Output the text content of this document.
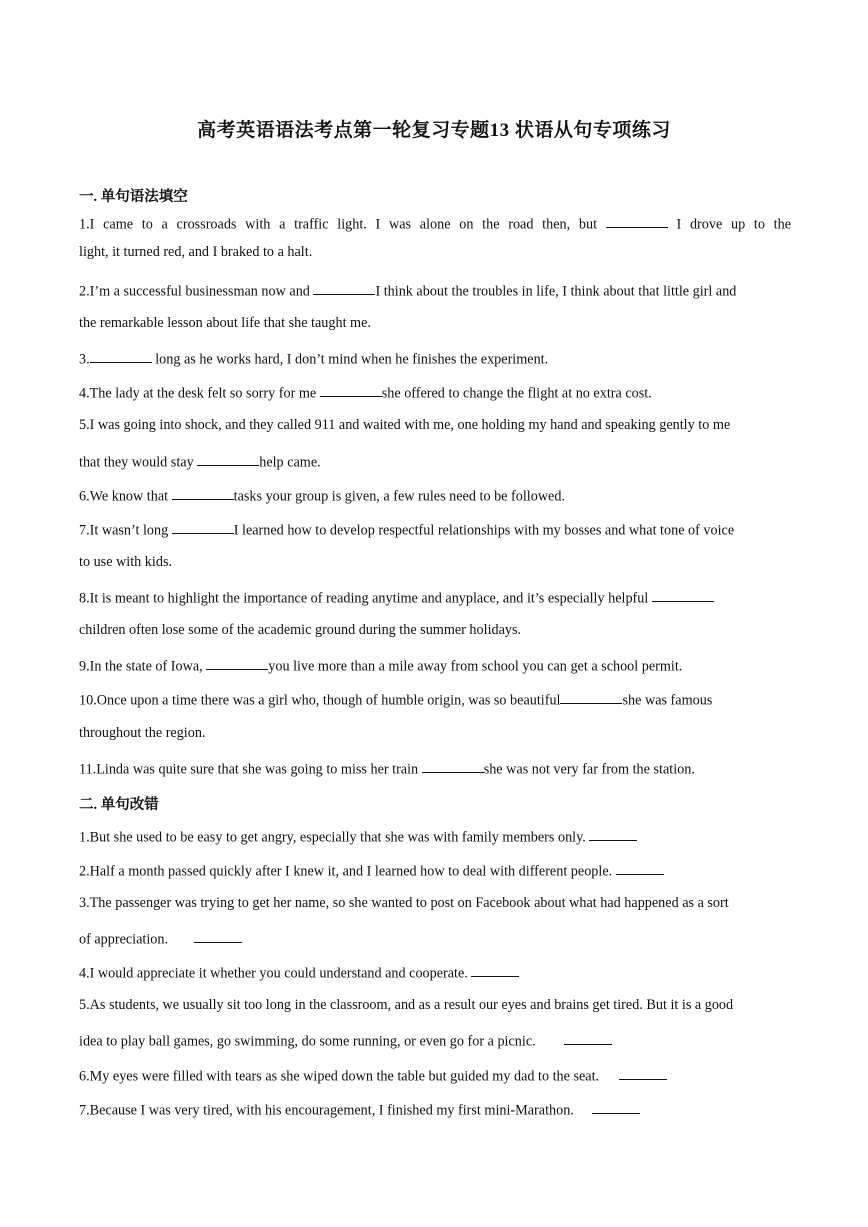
高考英语语法考点第一轮复习专题13 状语从句专项练习
一. 单句语法填空
1.I came to a crossroads with a traffic light. I was alone on the road then, but	I drove up to the
light, it turned red, and I braked to a halt.
2.I’m a successful businessman now and	I think about the troubles in life, I think about that little girl and
the remarkable lesson about life that she taught me.
3.	long as he works hard, I don’t mind when he finishes the experiment.
4.The lady at the desk felt so sorry for me	she offered to change the flight at no extra cost.
5.I was going into shock, and they called 911 and waited with me, one holding my hand and speaking gently to me
that they would stay	help came.
6.We know that	tasks your group is given, a few rules need to be followed.
7.It wasn’t long	I learned how to develop respectful relationships with my bosses and what tone of voice
to use with kids.
8.It is meant to highlight the importance of reading anytime and anyplace, and it’s especially helpful
children often lose some of the academic ground during the summer holidays.
9.In the state of Iowa,	you live more than a mile away from school you can get a school permit.
10.Once upon a time there was a girl who, though of humble origin, was so beautiful	she was famous
throughout the region.
11.Linda was quite sure that she was going to miss her train	she was not very far from the station.
二. 单句改错
1.But she used to be easy to get angry, especially that she was with family members only.
2.Half a month passed quickly after I knew it, and I learned how to deal with different people.
3.The passenger was trying to get her name, so she wanted to post on Facebook about what had happened as a sort
of appreciation.
4.I would appreciate it whether you could understand and cooperate.
5.As students, we usually sit too long in the classroom, and as a result our eyes and brains get tired. But it is a good
idea to play ball games, go swimming, do some running, or even go for a picnic.
6.My eyes were filled with tears as she wiped down the table but guided my dad to the seat.
7.Because I was very tired, with his encouragement, I finished my first mini-Marathon.
